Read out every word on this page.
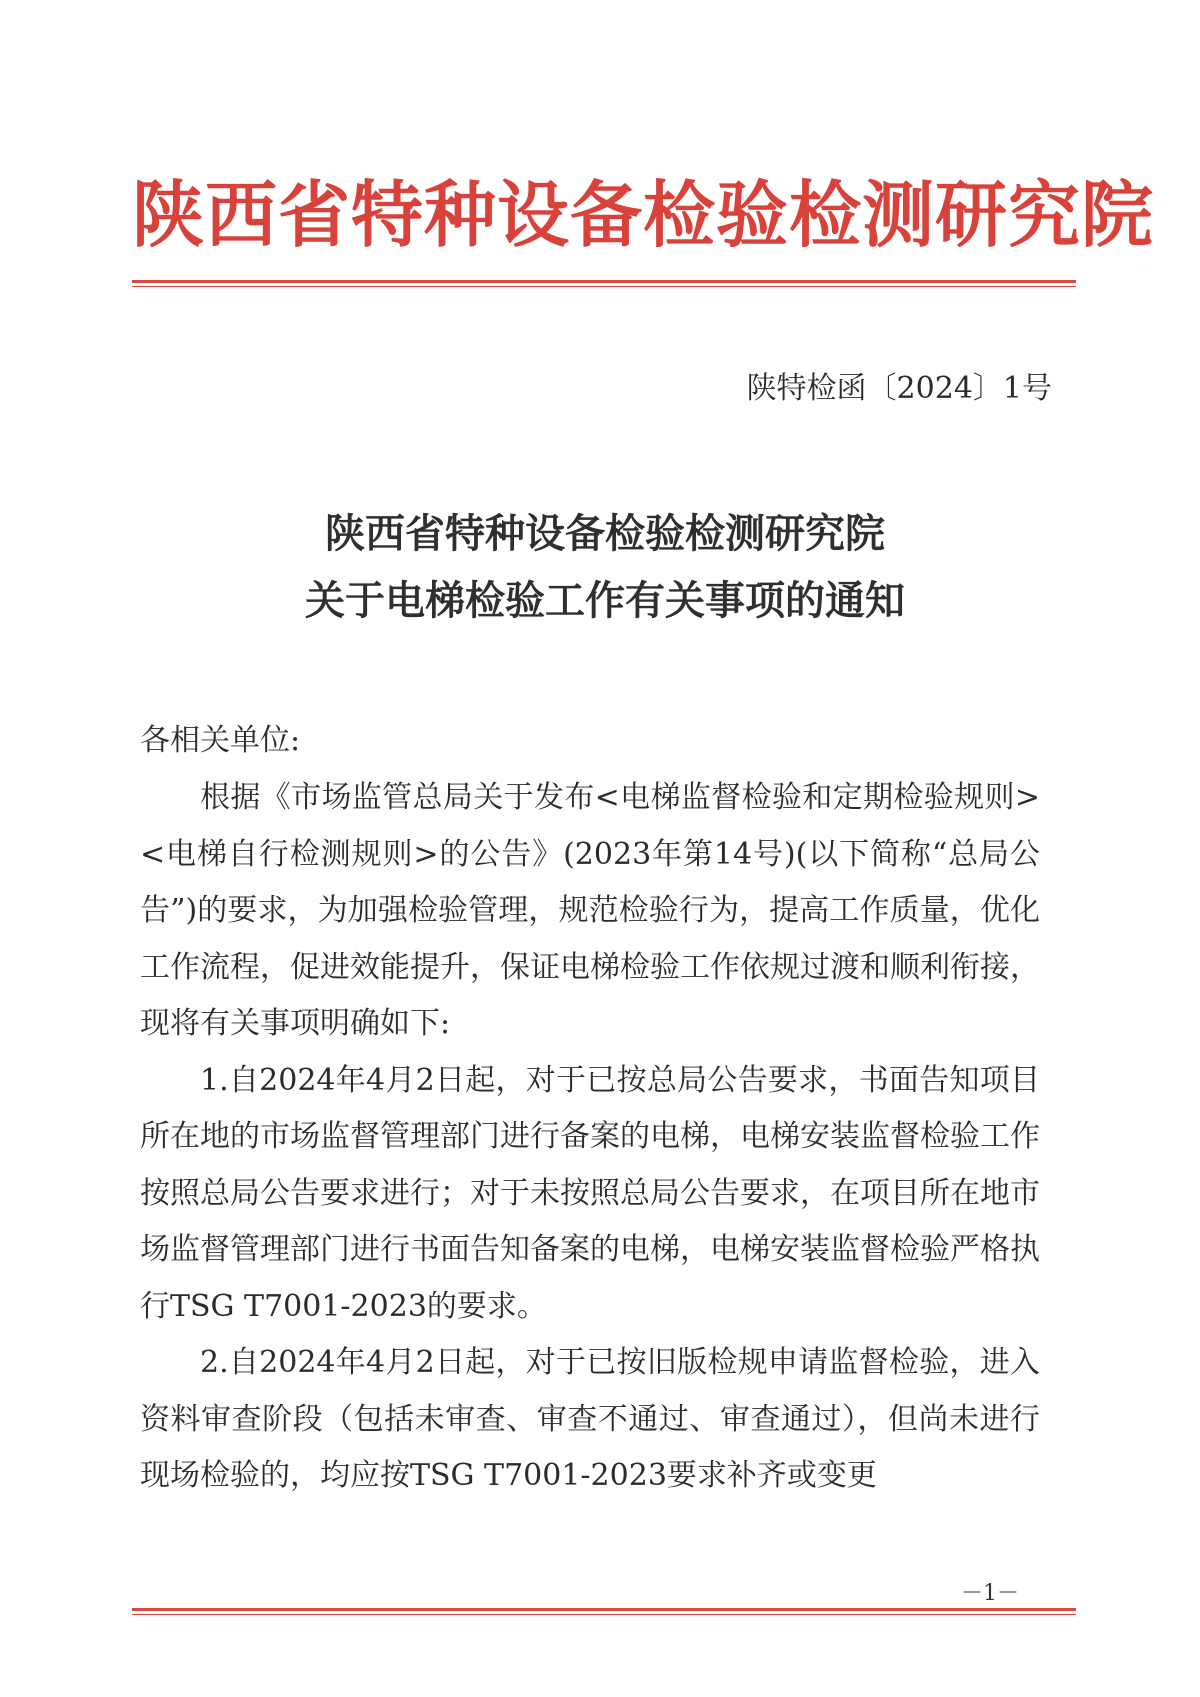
陕西省特种设备检验检测研究院
陕特检函〔2024〕1号
陕西省特种设备检验检测研究院
关于电梯检验工作有关事项的通知
各相关单位:

根据《市场监管总局关于发布<电梯监督检验和定期检验规则><电梯自行检测规则>的公告》(2023年第14号)(以下简称“总局公告”)的要求，为加强检验管理，规范检验行为，提高工作质量，优化工作流程，促进效能提升，保证电梯检验工作依规过渡和顺利衔接，现将有关事项明确如下:

1.自2024年4月2日起，对于已按总局公告要求，书面告知项目所在地的市场监督管理部门进行备案的电梯，电梯安装监督检验工作按照总局公告要求进行；对于未按照总局公告要求，在项目所在地市场监督管理部门进行书面告知备案的电梯，电梯安装监督检验严格执行TSG T7001-2023的要求。

2.自2024年4月2日起，对于已按旧版检规申请监督检验，进入资料审查阶段（包括未审查、审查不通过、审查通过），但尚未进行现场检验的，均应按TSG T7001-2023要求补齐或变更

－1－
